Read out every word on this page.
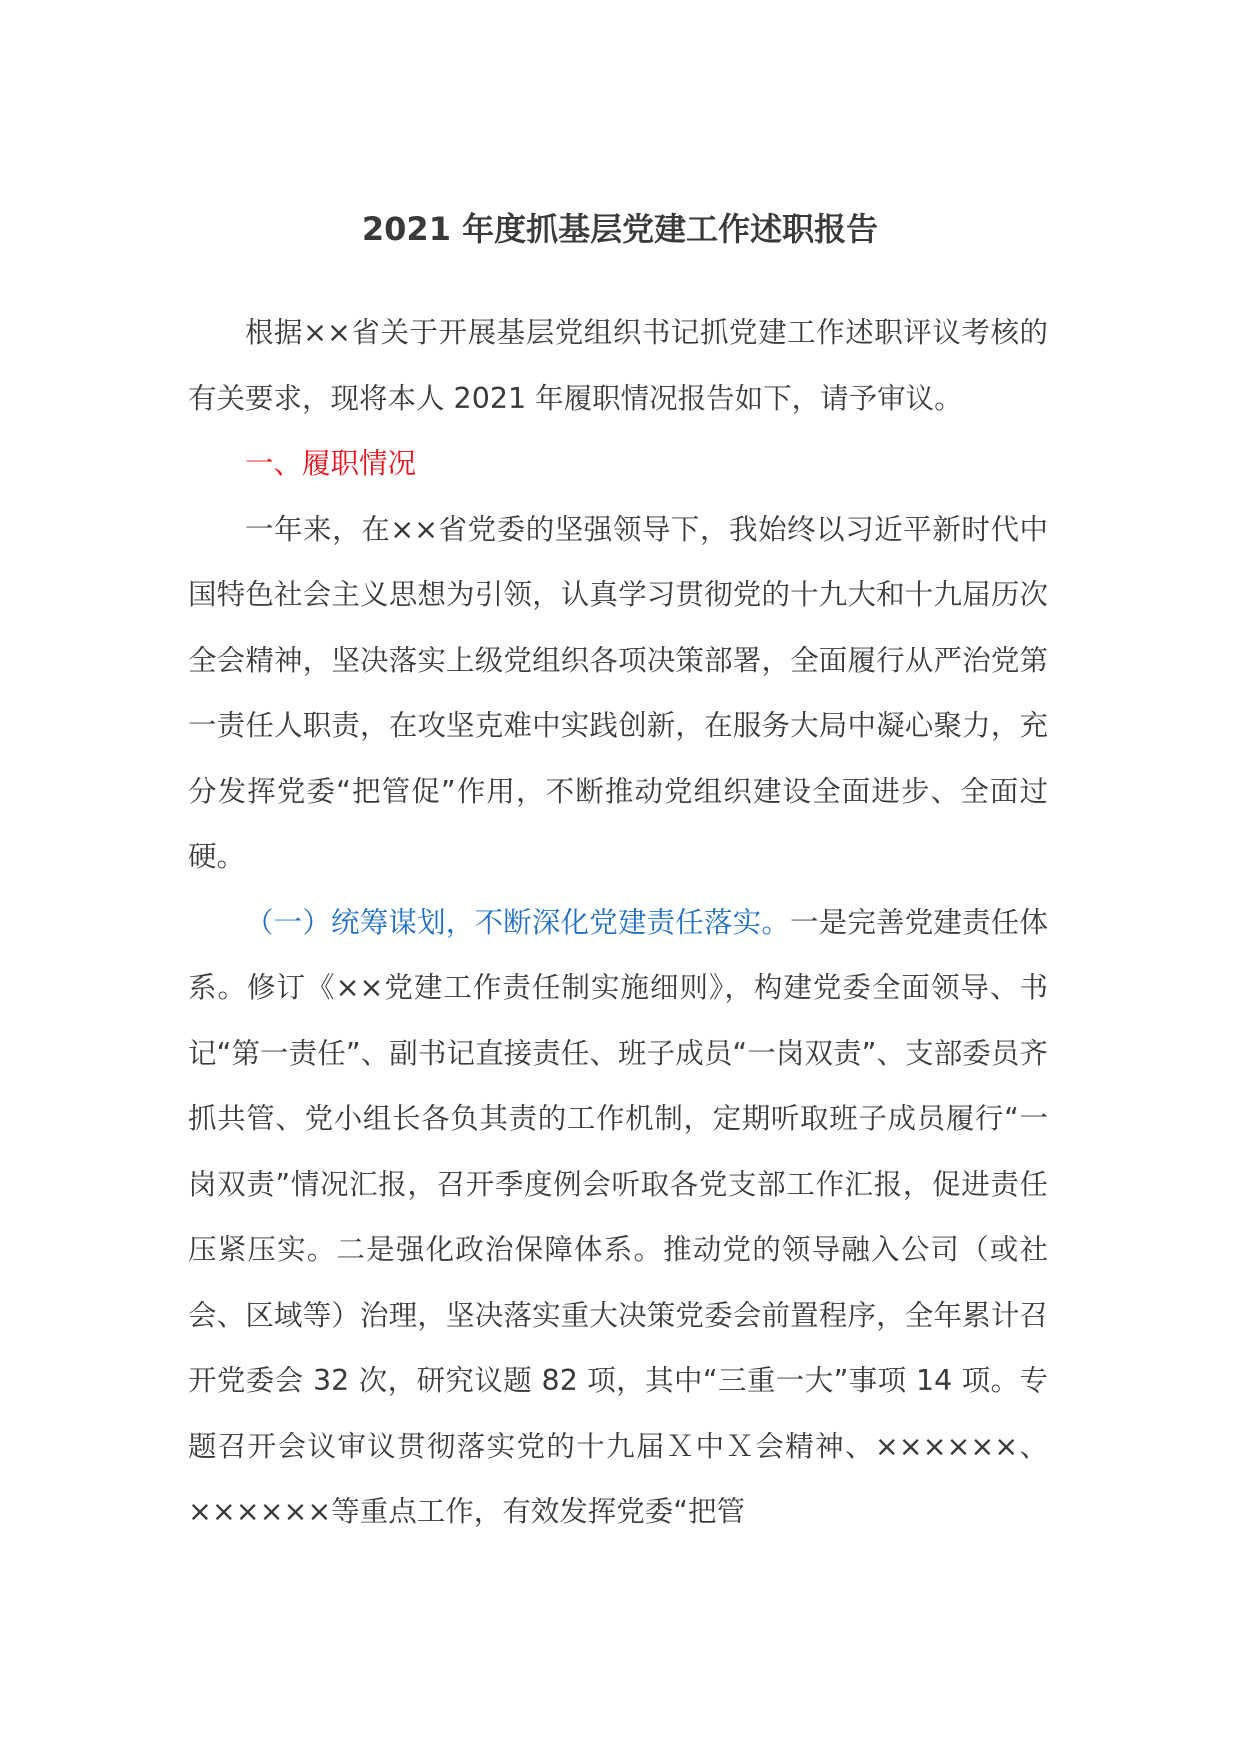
2021 年度抓基层党建工作述职报告

根据××省关于开展基层党组织书记抓党建工作述职评议考核的有关要求，现将本人 2021 年履职情况报告如下，请予审议。

一、履职情况

一年来，在××省党委的坚强领导下，我始终以习近平新时代中国特色社会主义思想为引领，认真学习贯彻党的十九大和十九届历次全会精神，坚决落实上级党组织各项决策部署，全面履行从严治党第一责任人职责，在攻坚克难中实践创新，在服务大局中凝心聚力，充分发挥党委“把管促”作用，不断推动党组织建设全面进步、全面过硬。

（一）统筹谋划，不断深化党建责任落实。一是完善党建责任体系。修订《××党建工作责任制实施细则》，构建党委全面领导、书记“第一责任”、副书记直接责任、班子成员“一岗双责”、支部委员齐抓共管、党小组长各负其责的工作机制，定期听取班子成员履行“一岗双责”情况汇报，召开季度例会听取各党支部工作汇报，促进责任压紧压实。二是强化政治保障体系。推动党的领导融入公司（或社会、区域等）治理，坚决落实重大决策党委会前置程序，全年累计召开党委会 32 次，研究议题 82 项，其中“三重一大”事项 14 项。专题召开会议审议贯彻落实党的十九届Ｘ中Ｘ会精神、××××××、××××××等重点工作，有效发挥党委“把管
